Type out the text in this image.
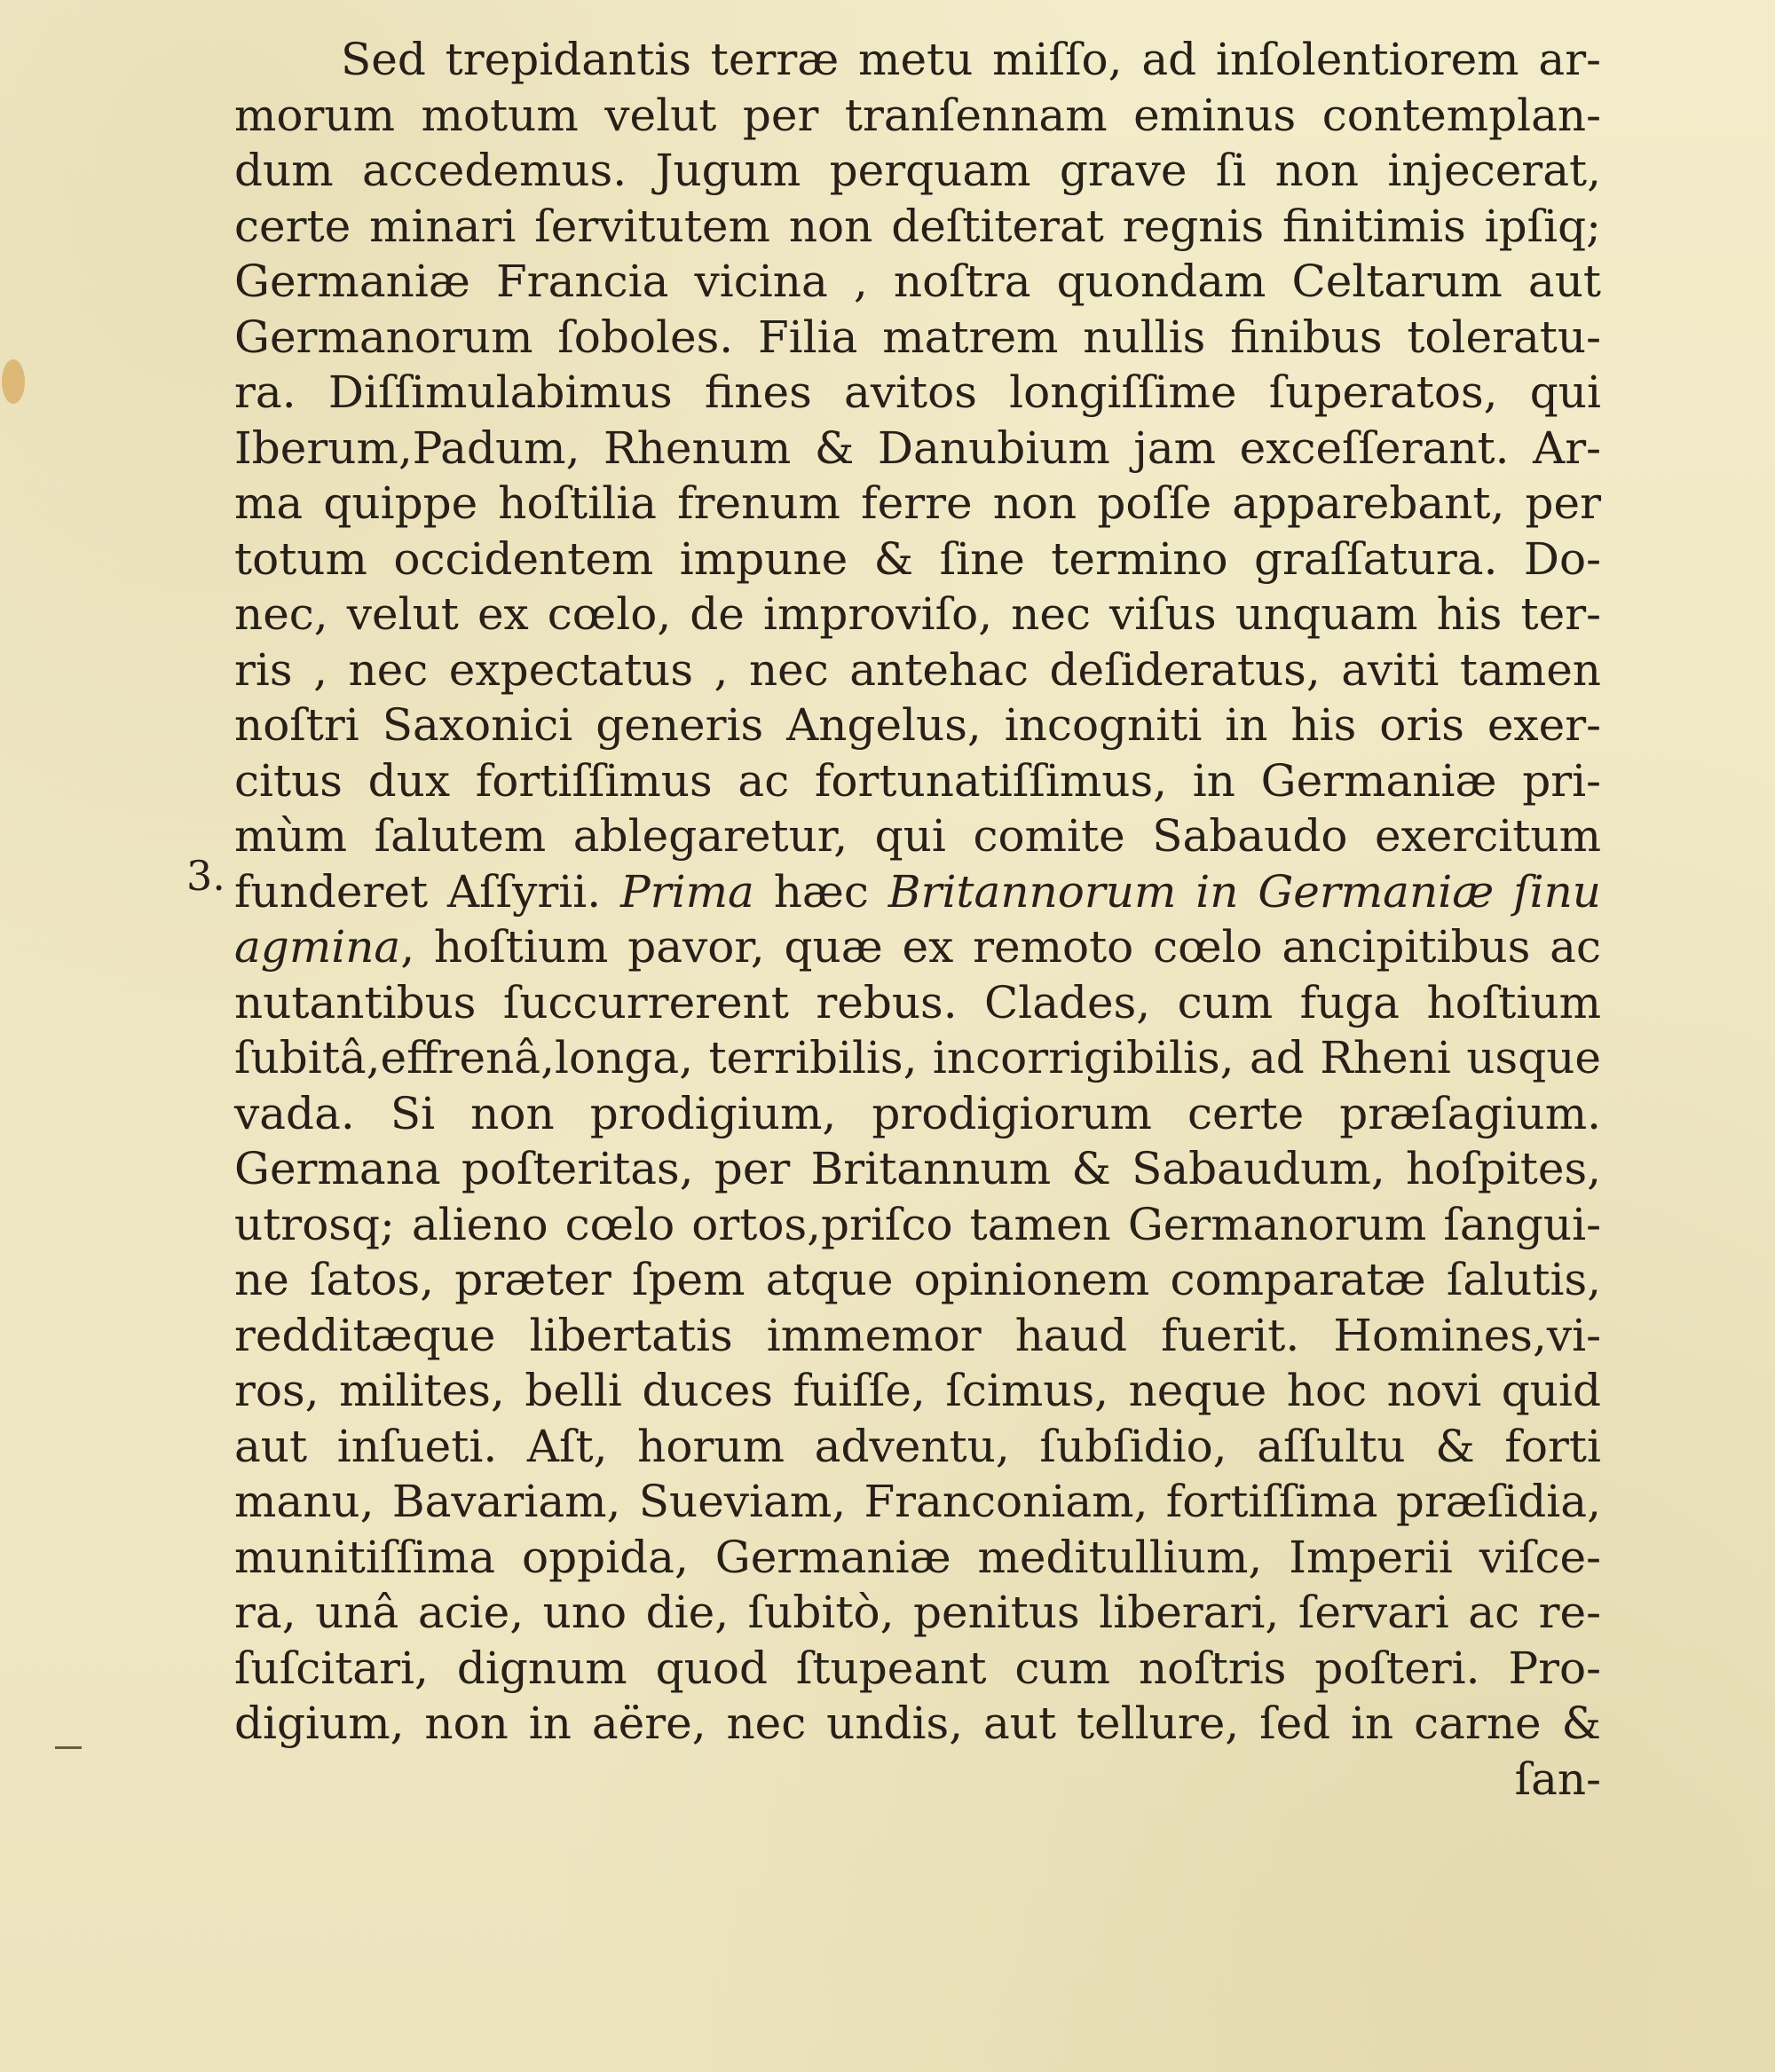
3.
Sed trepidantis terræ metu miſſo, ad inſolentiorem ar-
morum motum velut per tranſennam eminus contemplan-
dum accedemus. Jugum perquam grave ſi non injecerat,
certe minari ſervitutem non deſtiterat regnis finitimis ipſiq;
Germaniæ Francia vicina , noſtra quondam Celtarum aut
Germanorum ſoboles. Filia matrem nullis finibus toleratu-
ra. Diſſimulabimus fines avitos longiſſime ſuperatos, qui
Iberum,Padum, Rhenum & Danubium jam exceſſerant. Ar-
ma quippe hoſtilia frenum ferre non poſſe apparebant, per
totum occidentem impune & ſine termino graſſatura. Do-
nec, velut ex cœlo, de improviſo, nec viſus unquam his ter-
ris , nec expectatus , nec antehac deſideratus, aviti tamen
noſtri Saxonici generis Angelus, incogniti in his oris exer-
citus dux fortiſſimus ac fortunatiſſimus, in Germaniæ pri-
mùm ſalutem ablegaretur, qui comite Sabaudo exercitum
funderet Aſſyrii. Prima hæc Britannorum in Germaniæ ſinu
agmina, hoſtium pavor, quæ ex remoto cœlo ancipitibus ac
nutantibus ſuccurrerent rebus. Clades, cum fuga hoſtium
ſubitâ,effrenâ,longa, terribilis, incorrigibilis, ad Rheni usque
vada. Si non prodigium, prodigiorum certe præſagium.
Germana poſteritas, per Britannum & Sabaudum, hoſpites,
utrosq; alieno cœlo ortos,priſco tamen Germanorum ſangui-
ne ſatos, præter ſpem atque opinionem comparatæ ſalutis,
redditæque libertatis immemor haud fuerit. Homines,vi-
ros, milites, belli duces fuiſſe, ſcimus, neque hoc novi quid
aut inſueti. Aſt, horum adventu, ſubſidio, aſſultu & forti
manu, Bavariam, Sueviam, Franconiam, fortiſſima præſidia,
munitiſſima oppida, Germaniæ meditullium, Imperii viſce-
ra, unâ acie, uno die, ſubitò, penitus liberari, ſervari ac re-
ſuſcitari, dignum quod ſtupeant cum noſtris poſteri. Pro-
digium, non in aëre, nec undis, aut tellure, ſed in carne &
ſan-
